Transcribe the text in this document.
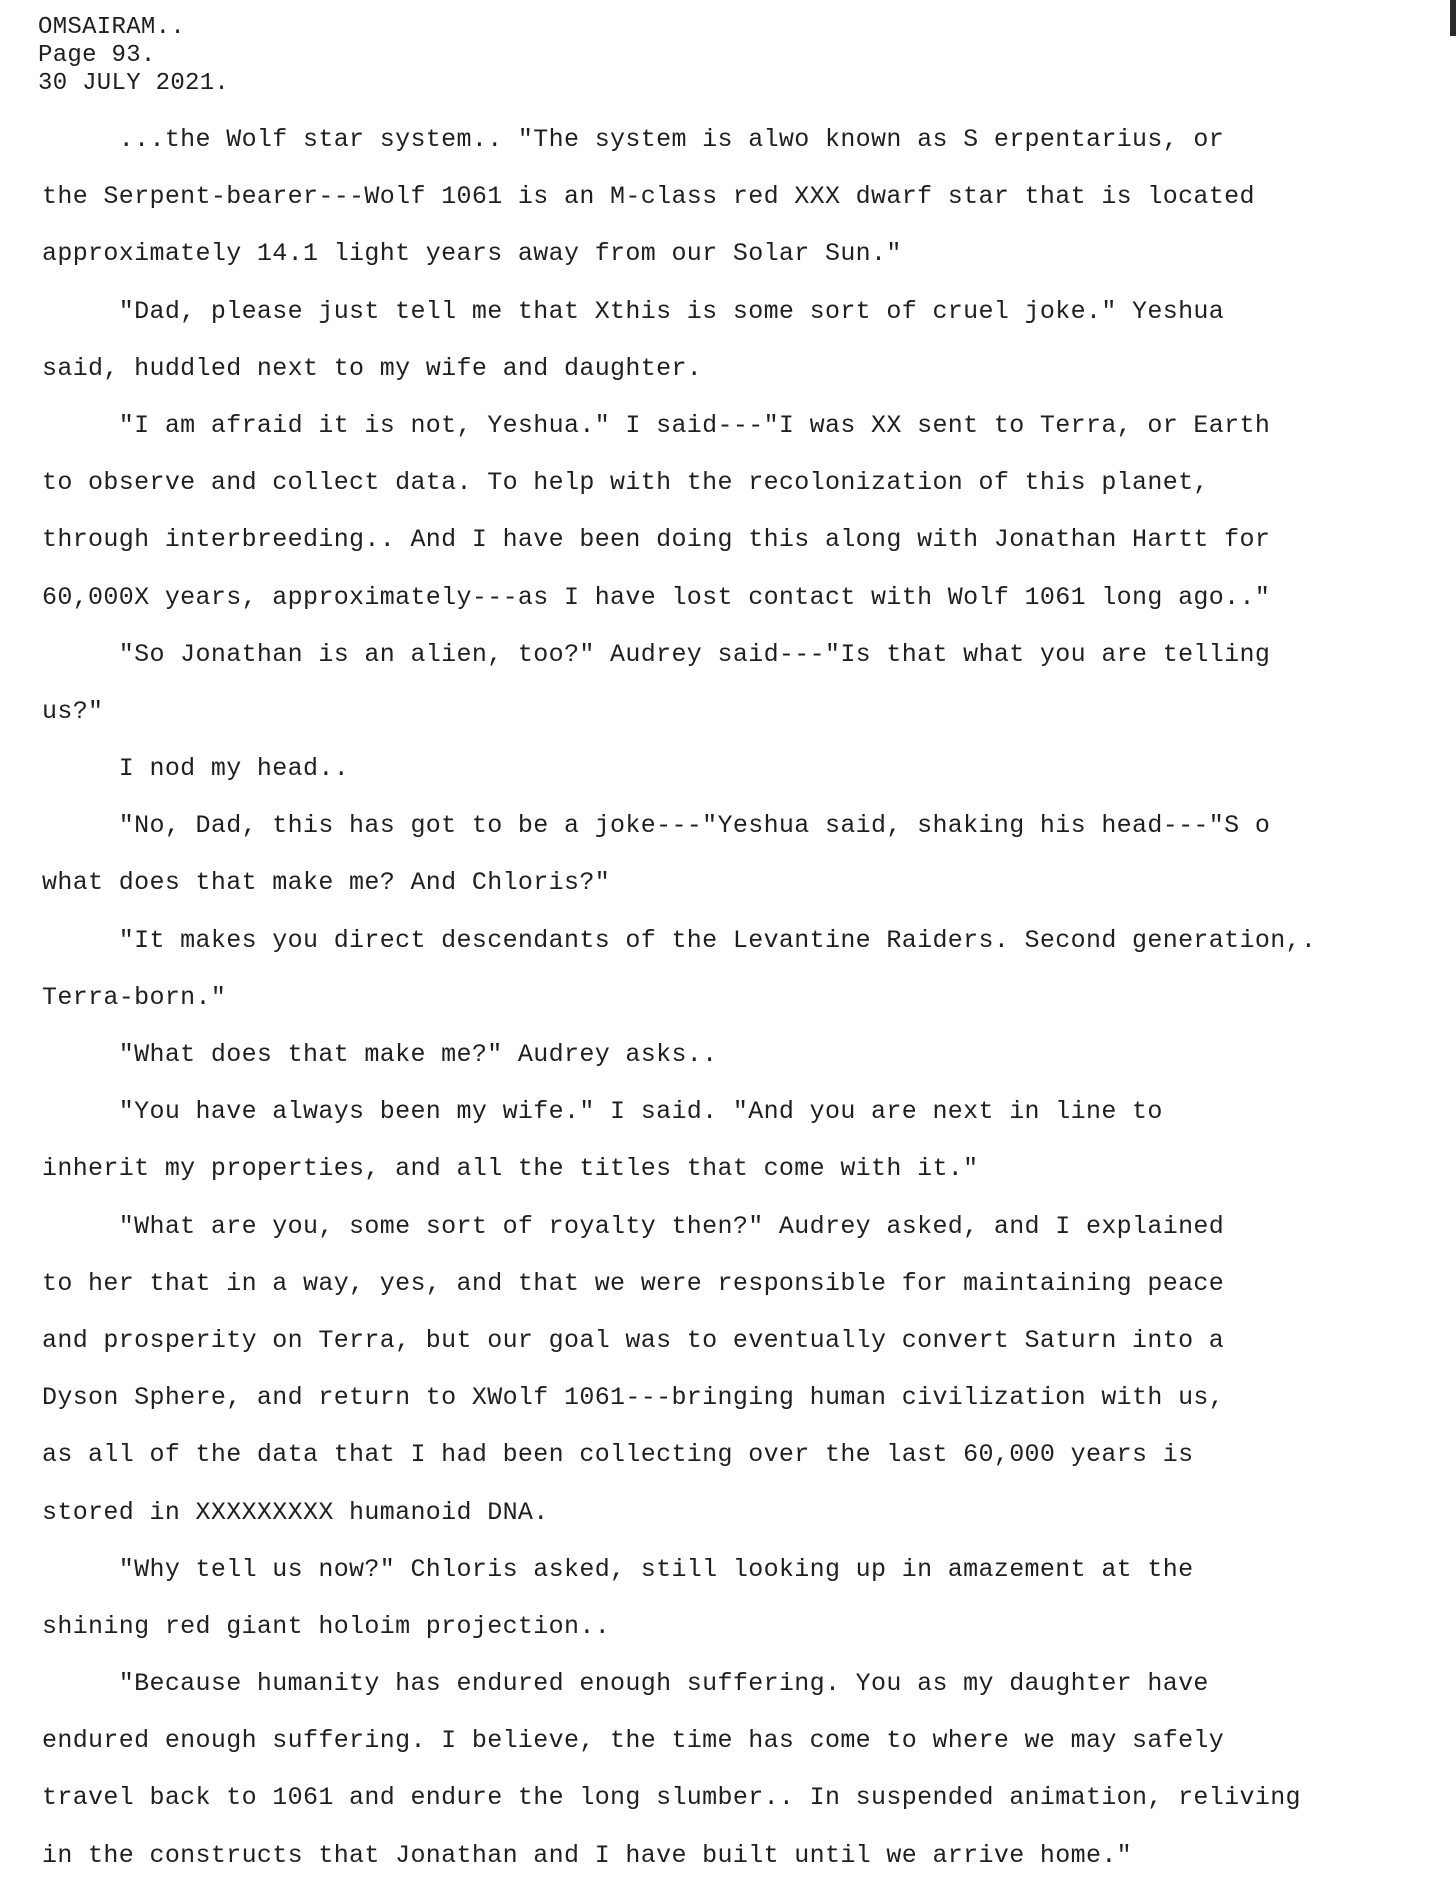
OMSAIRAM..
Page 93.
30 JULY 2021.
...the Wolf star system.. "The system is alwo known as S erpentarius, or
the Serpent-bearer---Wolf 1061 is an M-class red XXX dwarf star that is located
approximately 14.1 light years away from our Solar Sun."
"Dad, please just tell me that Xthis is some sort of cruel joke." Yeshua
said, huddled next to my wife and daughter.
"I am afraid it is not, Yeshua." I said---"I was XX sent to Terra, or Earth
to observe and collect data. To help with the recolonization of this planet,
through interbreeding.. And I have been doing this along with Jonathan Hartt for
60,000X years, approximately---as I have lost contact with Wolf 1061 long ago.."
"So Jonathan is an alien, too?" Audrey said---"Is that what you are telling
us?"
I nod my head..
"No, Dad, this has got to be a joke---"Yeshua said, shaking his head---"S o
what does that make me? And Chloris?"
"It makes you direct descendants of the Levantine Raiders. Second generation,.
Terra-born."
"What does that make me?" Audrey asks..
"You have always been my wife." I said. "And you are next in line to
inherit my properties, and all the titles that come with it."
"What are you, some sort of royalty then?" Audrey asked, and I explained
to her that in a way, yes, and that we were responsible for maintaining peace
and prosperity on Terra, but our goal was to eventually convert Saturn into a
Dyson Sphere, and return to XWolf 1061---bringing human civilization with us,
as all of the data that I had been collecting over the last 60,000 years is
stored in XXXXXXXXX humanoid DNA.
"Why tell us now?" Chloris asked, still looking up in amazement at the
shining red giant holoim projection..
"Because humanity has endured enough suffering. You as my daughter have
endured enough suffering. I believe, the time has come to where we may safely
travel back to 1061 and endure the long slumber.. In suspended animation, reliving
in the constructs that Jonathan and I have built until we arrive home."
